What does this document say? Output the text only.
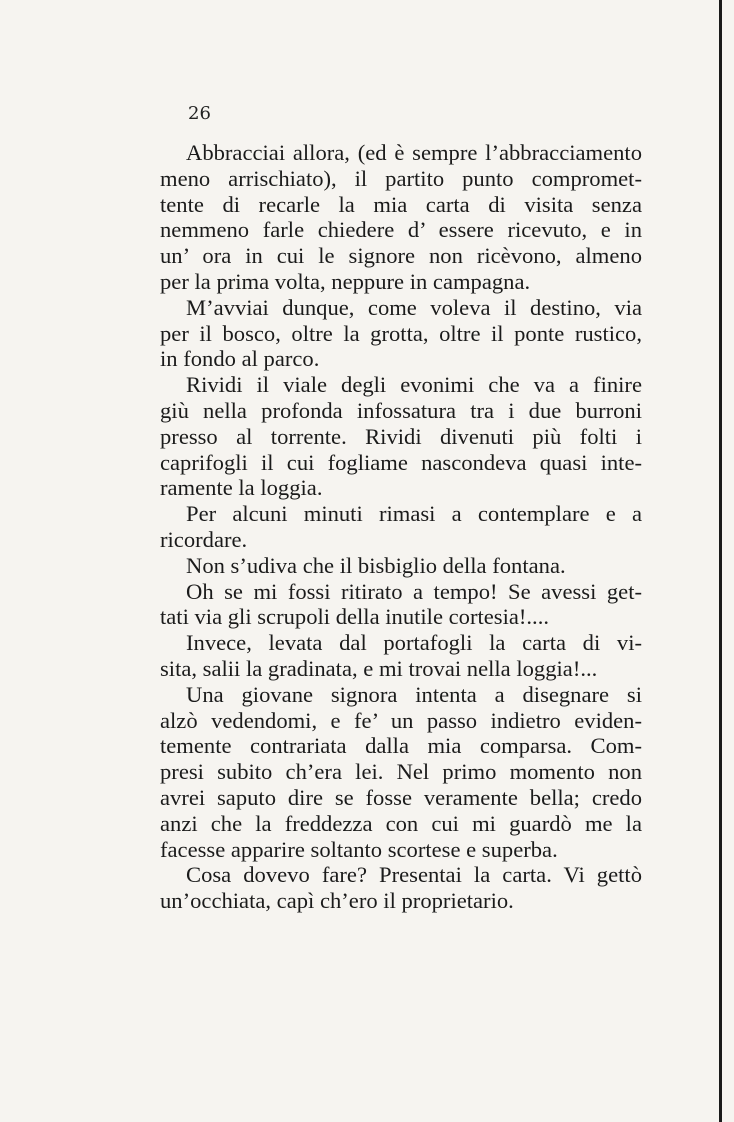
26
Abbracciai allora, (ed è sempre l’abbracciamento
meno arrischiato), il partito punto compromet-
tente di recarle la mia carta di visita senza
nemmeno farle chiedere d’ essere ricevuto, e in
un’ ora in cui le signore non ricèvono, almeno
per la prima volta, neppure in campagna.
M’avviai dunque, come voleva il destino, via
per il bosco, oltre la grotta, oltre il ponte rustico,
in fondo al parco.
Rividi il viale degli evonimi che va a finire
giù nella profonda infossatura tra i due burroni
presso al torrente. Rividi divenuti più folti i
caprifogli il cui fogliame nascondeva quasi inte-
ramente la loggia.
Per alcuni minuti rimasi a contemplare e a
ricordare.
Non s’udiva che il bisbiglio della fontana.
Oh se mi fossi ritirato a tempo! Se avessi get-
tati via gli scrupoli della inutile cortesia!....
Invece, levata dal portafogli la carta di vi-
sita, salii la gradinata, e mi trovai nella loggia!...
Una giovane signora intenta a disegnare si
alzò vedendomi, e fe’ un passo indietro eviden-
temente contrariata dalla mia comparsa. Com-
presi subito ch’era lei. Nel primo momento non
avrei saputo dire se fosse veramente bella; credo
anzi che la freddezza con cui mi guardò me la
facesse apparire soltanto scortese e superba.
Cosa dovevo fare? Presentai la carta. Vi gettò
un’occhiata, capì ch’ero il proprietario.
